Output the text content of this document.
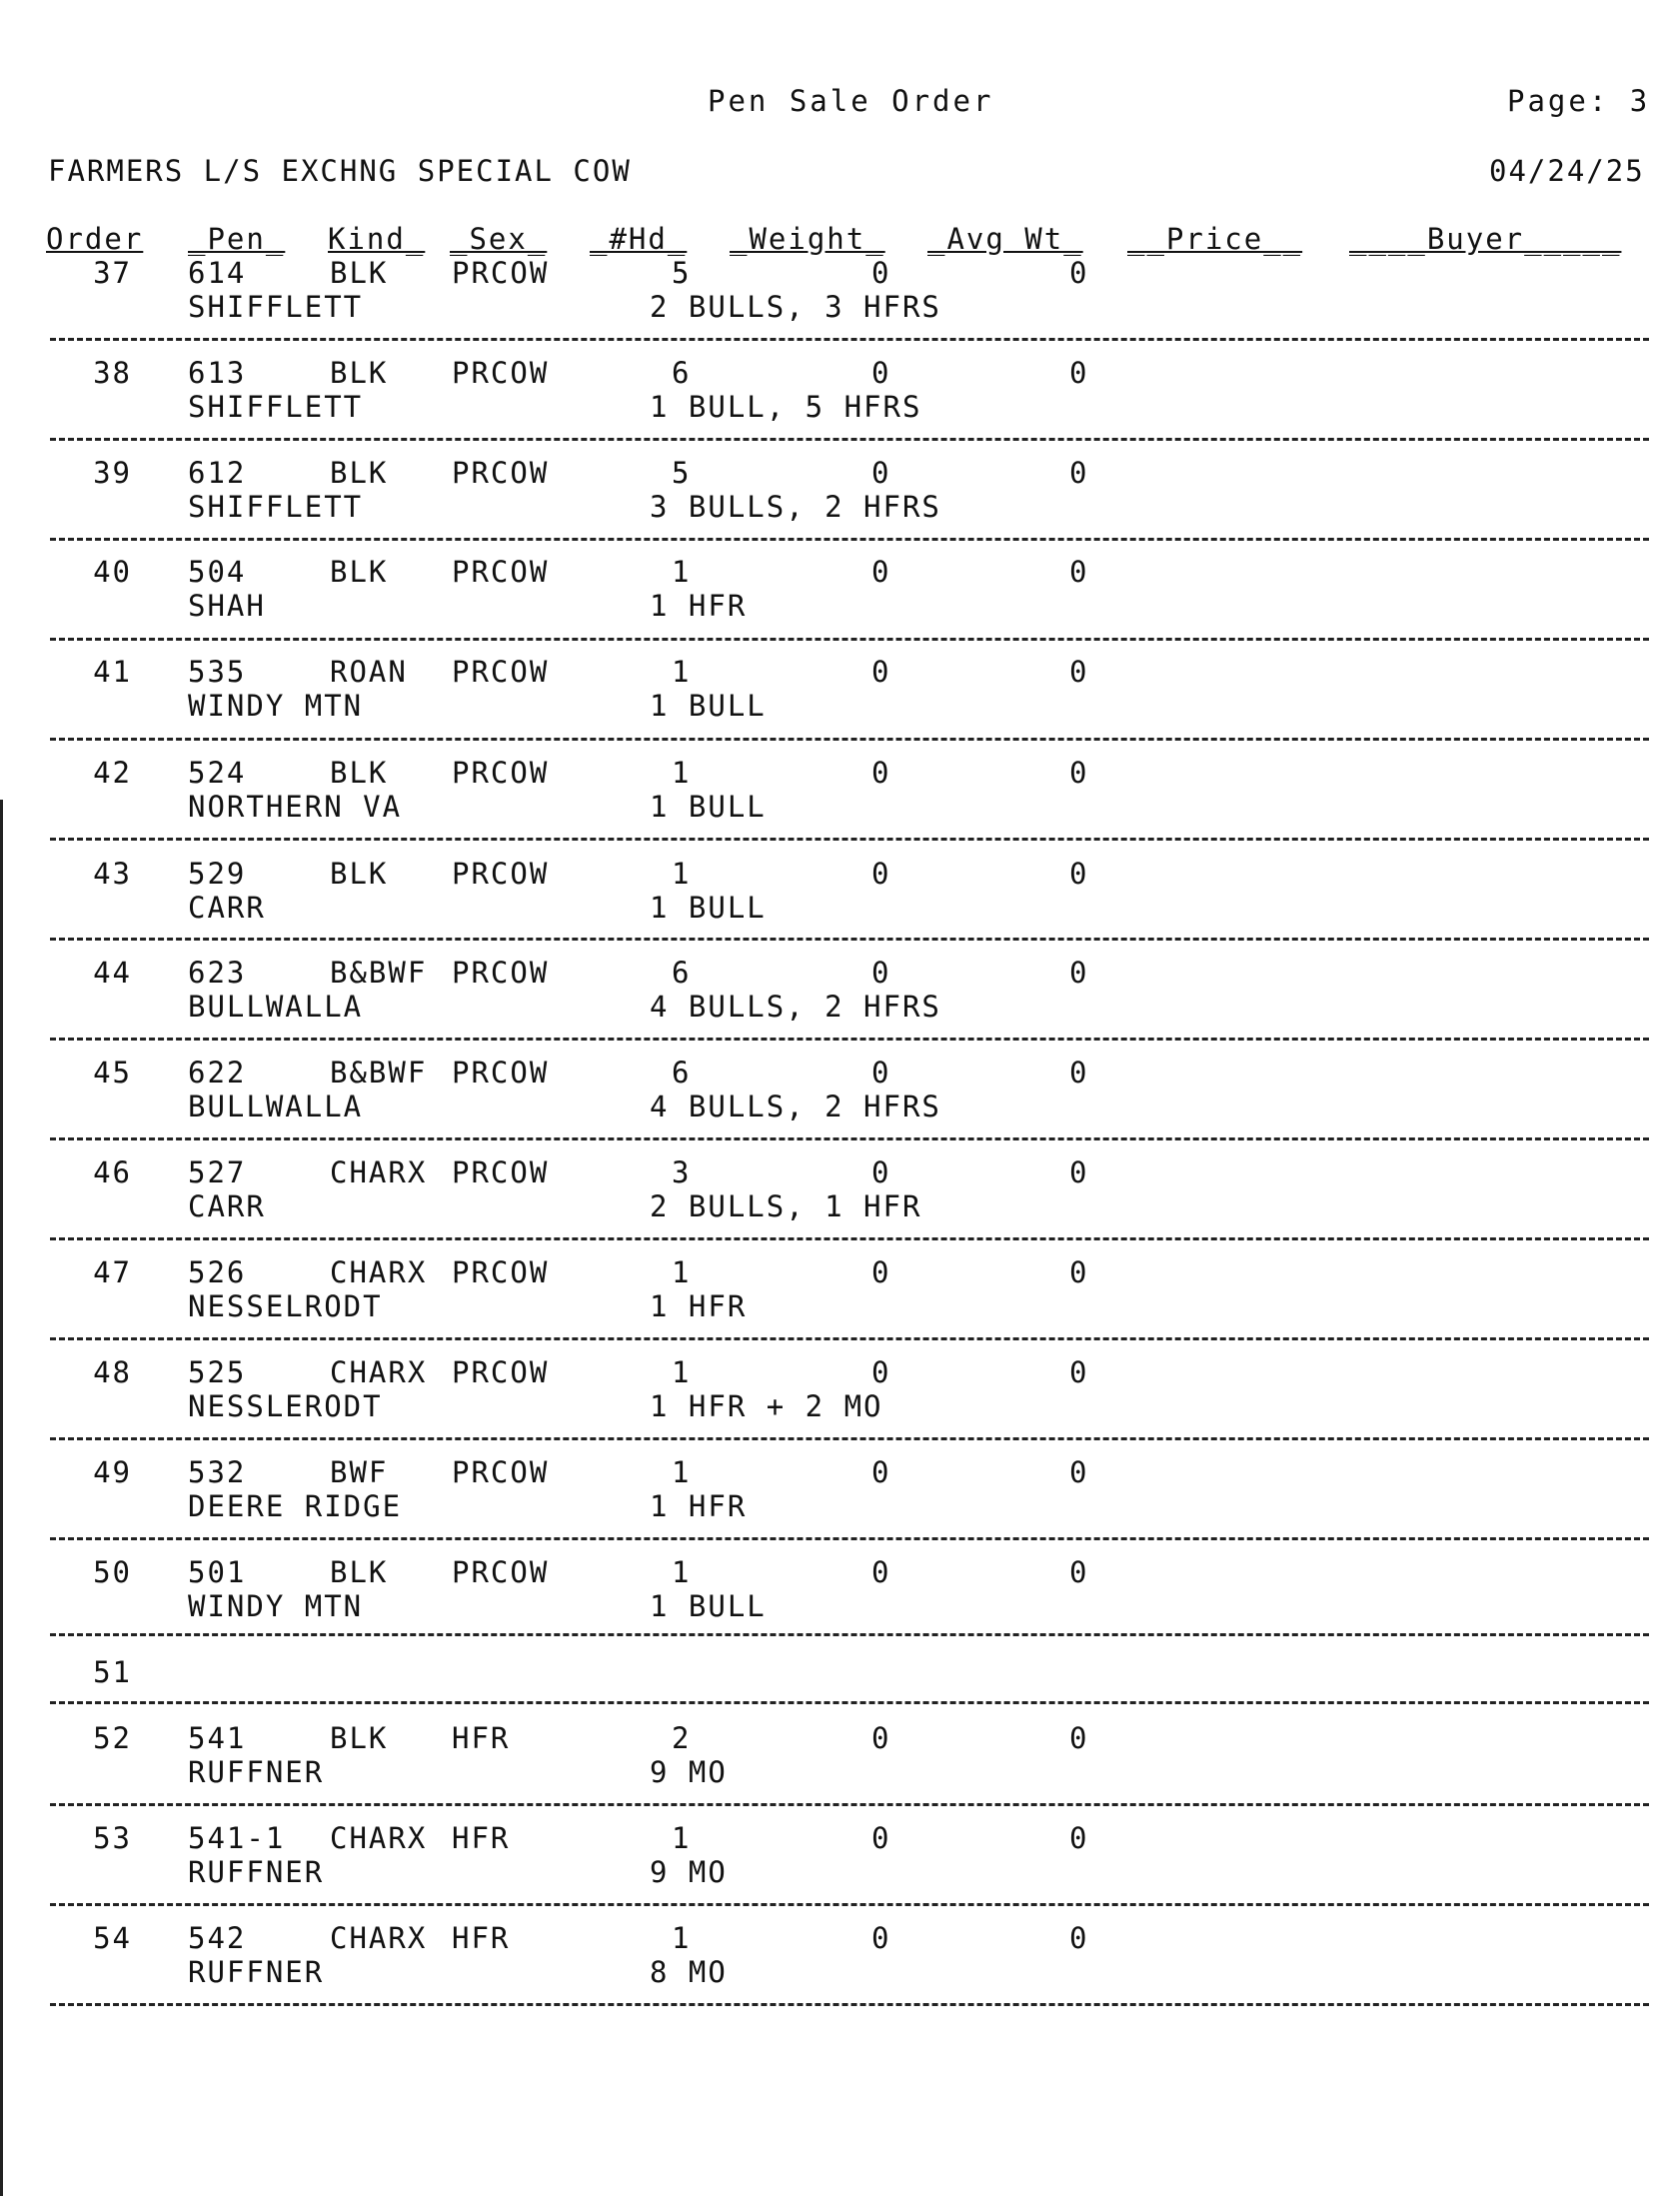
Pen Sale Order	Page: 3
FARMERS L/S EXCHNG SPECIAL COW	04/24/25
Order _Pen_ Kind_ _Sex_ _#Hd_ _Weight_ _Avg Wt_ __Price__ ____Buyer_____
37 614	BLK PRCOW	5	0	0
SHIFFLETT	2 BULLS, 3 HFRS
38 613	BLK PRCOW	6	0	0
SHIFFLETT	1 BULL, 5 HFRS
39 612	BLK PRCOW	5	0	0
SHIFFLETT	3 BULLS, 2 HFRS
40 504	BLK PRCOW	1	0	0
SHAH	1 HFR
41 535	ROAN PRCOW	1	0	0
WINDY MTN	1 BULL
42 524	BLK PRCOW	1	0	0
NORTHERN VA	1 BULL
43 529	BLK PRCOW	1	0	0
CARR	1 BULL
44 623	B&BWF PRCOW	6	0	0
BULLWALLA	4 BULLS, 2 HFRS
45 622	B&BWF PRCOW	6	0	0
BULLWALLA	4 BULLS, 2 HFRS
46 527	CHARX PRCOW	3	0	0
CARR	2 BULLS, 1 HFR
47 526	CHARX PRCOW	1	0	0
NESSELRODT	1 HFR
48 525	CHARX PRCOW	1	0	0
NESSLERODT	1 HFR + 2 MO
49 532	BWF PRCOW	1	0	0
DEERE RIDGE	1 HFR
50 501	BLK PRCOW	1	0	0
WINDY MTN	1 BULL
51
52 541	BLK HFR	2	0	0
RUFFNER	9 MO
53 541-1 CHARX HFR	1	0	0
RUFFNER	9 MO
54 542	CHARX HFR	1	0	0
RUFFNER	8 MO
